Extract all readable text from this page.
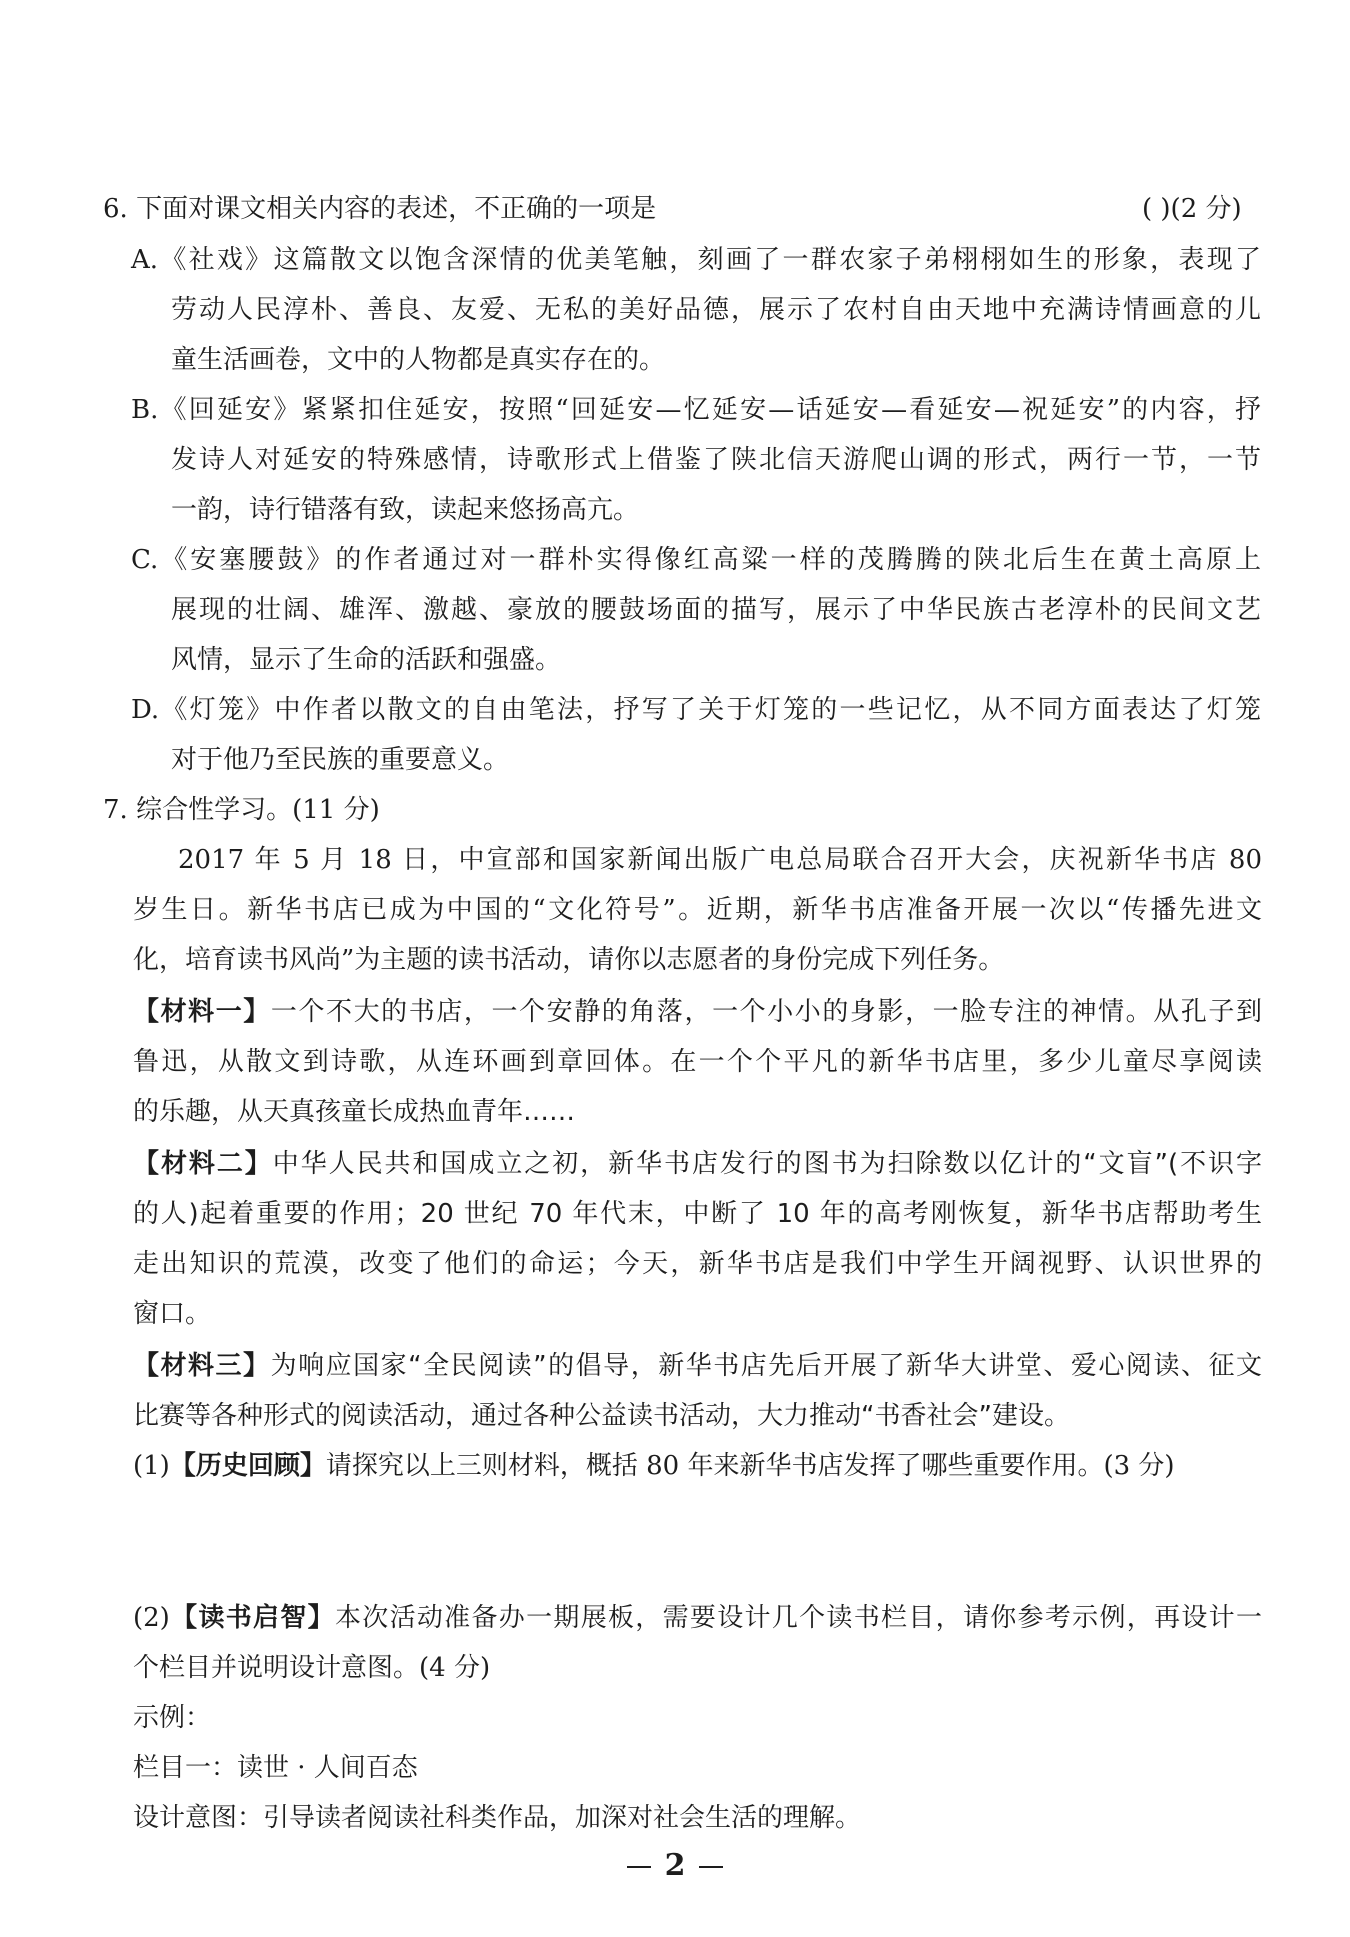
6. 下面对课文相关内容的表述，不正确的一项是	( )(2 分)
A.《社戏》这篇散文以饱含深情的优美笔触，刻画了一群农家子弟栩栩如生的形象，表现了
劳动人民淳朴、善良、友爱、无私的美好品德，展示了农村自由天地中充满诗情画意的儿
童生活画卷，文中的人物都是真实存在的。
B.《回延安》紧紧扣住延安，按照“回延安—忆延安—话延安—看延安—祝延安”的内容，抒
发诗人对延安的特殊感情，诗歌形式上借鉴了陕北信天游爬山调的形式，两行一节，一节
一韵，诗行错落有致，读起来悠扬高亢。
C.《安塞腰鼓》的作者通过对一群朴实得像红高粱一样的茂腾腾的陕北后生在黄土高原上
展现的壮阔、雄浑、激越、豪放的腰鼓场面的描写，展示了中华民族古老淳朴的民间文艺
风情，显示了生命的活跃和强盛。
D.《灯笼》中作者以散文的自由笔法，抒写了关于灯笼的一些记忆，从不同方面表达了灯笼
对于他乃至民族的重要意义。
7. 综合性学习。(11 分)
2017 年 5 月 18 日，中宣部和国家新闻出版广电总局联合召开大会，庆祝新华书店 80
岁生日。新华书店已成为中国的“文化符号”。近期，新华书店准备开展一次以“传播先进文
化，培育读书风尚”为主题的读书活动，请你以志愿者的身份完成下列任务。
【材料一】一个不大的书店，一个安静的角落，一个小小的身影，一脸专注的神情。从孔子到
鲁迅，从散文到诗歌，从连环画到章回体。在一个个平凡的新华书店里，多少儿童尽享阅读
的乐趣，从天真孩童长成热血青年……
【材料二】中华人民共和国成立之初，新华书店发行的图书为扫除数以亿计的“文盲”(不识字
的人)起着重要的作用；20 世纪 70 年代末，中断了 10 年的高考刚恢复，新华书店帮助考生
走出知识的荒漠，改变了他们的命运；今天，新华书店是我们中学生开阔视野、认识世界的
窗口。
【材料三】为响应国家“全民阅读”的倡导，新华书店先后开展了新华大讲堂、爱心阅读、征文
比赛等各种形式的阅读活动，通过各种公益读书活动，大力推动“书香社会”建设。
(1)【历史回顾】请探究以上三则材料，概括 80 年来新华书店发挥了哪些重要作用。(3 分)
(2)【读书启智】本次活动准备办一期展板，需要设计几个读书栏目，请你参考示例，再设计一
个栏目并说明设计意图。(4 分)
示例：
栏目一：读世 · 人间百态
设计意图：引导读者阅读社科类作品，加深对社会生活的理解。
2
